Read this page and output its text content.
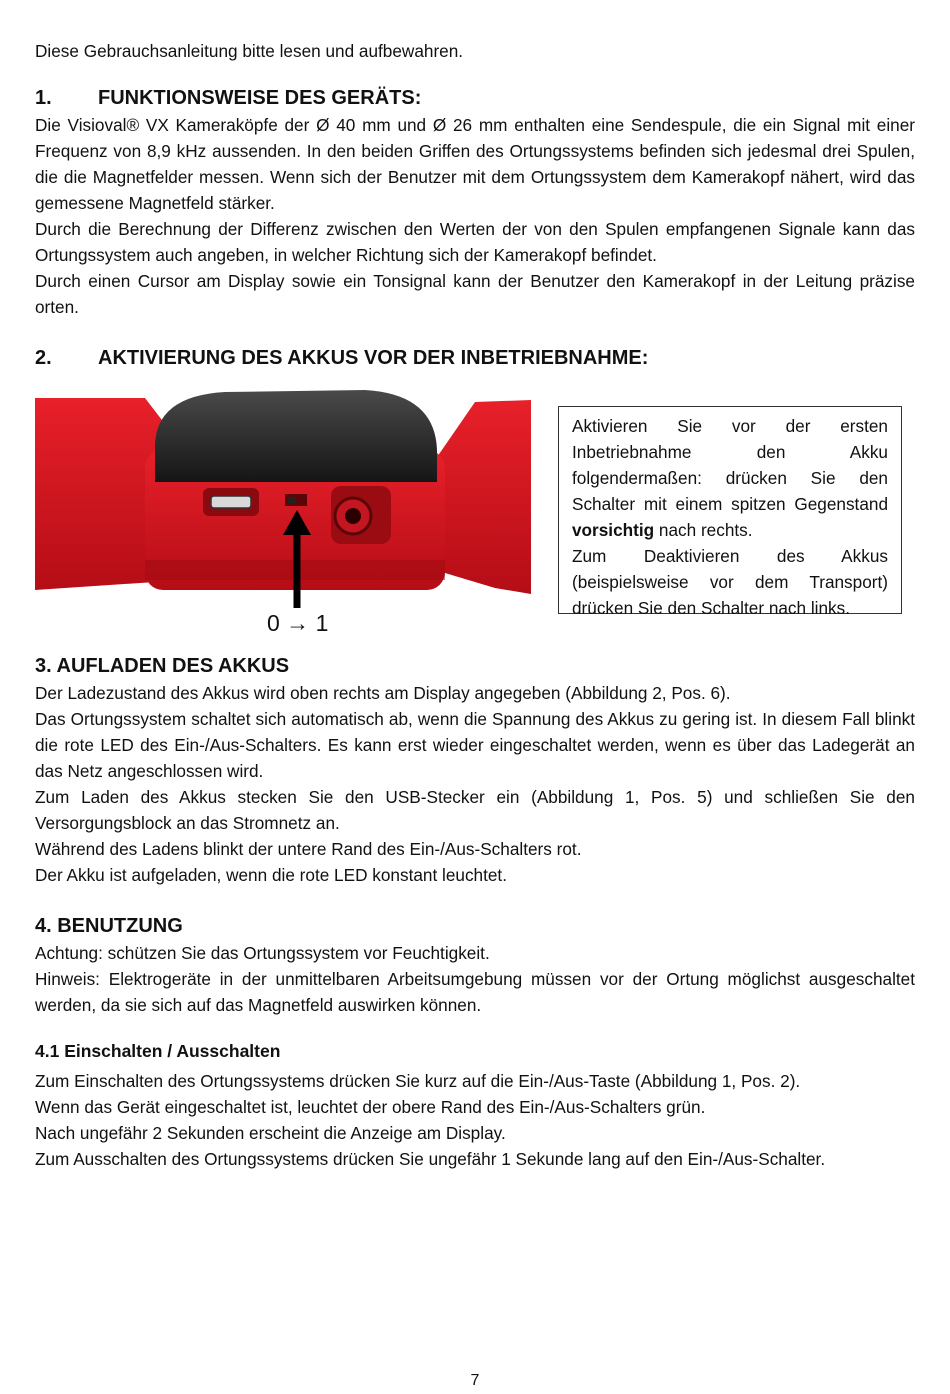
Diese Gebrauchsanleitung bitte lesen und aufbewahren.

1. FUNKTIONSWEISE DES GERÄTS:

Die Visioval® VX Kameraköpfe der Ø 40 mm und Ø 26 mm enthalten eine Sendespule, die ein Signal mit einer Frequenz von 8,9 kHz aussenden. In den beiden Griffen des Ortungssystems befinden sich jedesmal drei Spulen, die die Magnetfelder messen. Wenn sich der Benutzer mit dem Ortungssystem dem Kamerakopf nähert, wird das gemessene Magnetfeld stärker.

Durch die Berechnung der Differenz zwischen den Werten der von den Spulen empfangenen Signale kann das Ortungssystem auch angeben, in welcher Richtung sich der Kamerakopf befindet.

Durch einen Cursor am Display sowie ein Tonsignal kann der Benutzer den Kamerakopf in der Leitung präzise orten.

2. AKTIVIERUNG DES AKKUS VOR DER INBETRIEBNAHME:
0 → 1

Aktivieren Sie vor der ersten Inbetriebnahme den Akku folgendermaßen: drücken Sie den Schalter mit einem spitzen Gegenstand vorsichtig nach rechts.

Zum Deaktivieren des Akkus (beispielsweise vor dem Transport) drücken Sie den Schalter nach links.

3. AUFLADEN DES AKKUS

Der Ladezustand des Akkus wird oben rechts am Display angegeben (Abbildung 2, Pos. 6).

Das Ortungssystem schaltet sich automatisch ab, wenn die Spannung des Akkus zu gering ist. In diesem Fall blinkt die rote LED des Ein-/Aus-Schalters. Es kann erst wieder eingeschaltet werden, wenn es über das Ladegerät an das Netz angeschlossen wird.

Zum Laden des Akkus stecken Sie den USB-Stecker ein (Abbildung 1, Pos. 5) und schließen Sie den Versorgungsblock an das Stromnetz an.

Während des Ladens blinkt der untere Rand des Ein-/Aus-Schalters rot.

Der Akku ist aufgeladen, wenn die rote LED konstant leuchtet.

4. BENUTZUNG

Achtung: schützen Sie das Ortungssystem vor Feuchtigkeit.

Hinweis: Elektrogeräte in der unmittelbaren Arbeitsumgebung müssen vor der Ortung möglichst ausgeschaltet werden, da sie sich auf das Magnetfeld auswirken können.

4.1 Einschalten / Ausschalten

Zum Einschalten des Ortungssystems drücken Sie kurz auf die Ein-/Aus-Taste (Abbildung 1, Pos. 2).

Wenn das Gerät eingeschaltet ist, leuchtet der obere Rand des Ein-/Aus-Schalters grün.

Nach ungefähr 2 Sekunden erscheint die Anzeige am Display.

Zum Ausschalten des Ortungssystems drücken Sie ungefähr 1 Sekunde lang auf den Ein-/Aus-Schalter.

7
